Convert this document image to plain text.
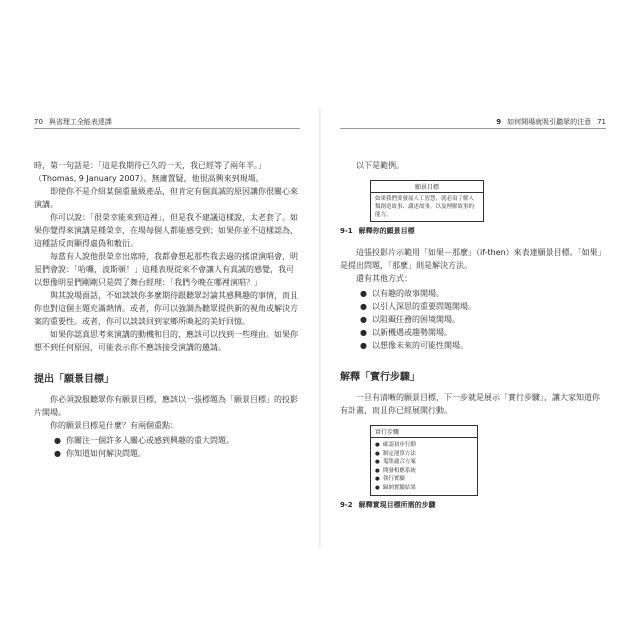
70 與省理工全能表達課

時，第一句話是：「這是我期待已久的一天，我已經等了兩年半。」（Thomas, 9 January 2007）。無庸置疑，他很高興來到現場。

即使你不是介紹某個重量級產品，但肯定有個真誠的原因讓你很關心來演講。

你可以說：「很榮幸能來到這裡」，但是我不建議這樣說，太老套了。如果你覺得來演講是種榮幸，在場每個人都能感受到；如果你並不這樣認為，這種話反而顯得虛偽和敷衍。

每當有人說他很榮幸出席時，我都會想起那些我去過的搖滾演唱會，明星們會說：「哈囉，波斯頓！」這種表現從來不會讓人有真誠的感覺，我可以想像明星們剛剛只是問了舞台經理：「我們今晚在哪裡演唱？」

與其說場面話，不如談談你多麼期待跟聽眾討論其感興趣的事情，而且你也對這個主題充滿熱情。或者，你可以強調為聽眾提供新的視角或解決方案的重要性。或者，你可以談談回到家鄉所喚起的美好回憶。

如果你認真思考來演講的動機和目的，應該可以找到一些理由。如果你想不到任何原因，可能表示你不應該接受演講的邀請。

提出「願景目標」

你必須說服聽眾你有願景目標，應該以一張標題為「願景目標」的投影片開場。

你的願景目標是什麼？有兩個重點：

● 你關注一個許多人關心或感到興趣的重大問題。
● 你知道如何解決問題。
9 如何開場就吸引聽眾的注意 71

以下是範例。

願景目標
如果我們要發展人工智慧，就必須了解人類創造故事、講述故事，以及理解故事的能力。
9-1 解釋你的願景目標

這張投影片示範用「如果－那麼」（if-then）來表達願景目標。「如果」是提出問題，「那麼」則是解決方法。

還有其他方式：

● 以有趣的故事開場。
● 以引人深思的重要問題開場。
● 以阻礙任務的困境開場。
● 以新機遇或趨勢開場。
● 以想像未來的可能性開場。
解釋「實行步驟」

一旦有清晰的願景目標，下一步就是展示「實行步驟」，讓大家知道你有計畫，而且你已經展開行動。

實行步驟
● 確認初步行動
● 制定運算方法
● 蒐集適合方案
● 開發相應系統
● 執行實驗
● 歸納實驗結果
9-2 解釋實現目標所需的步驟
